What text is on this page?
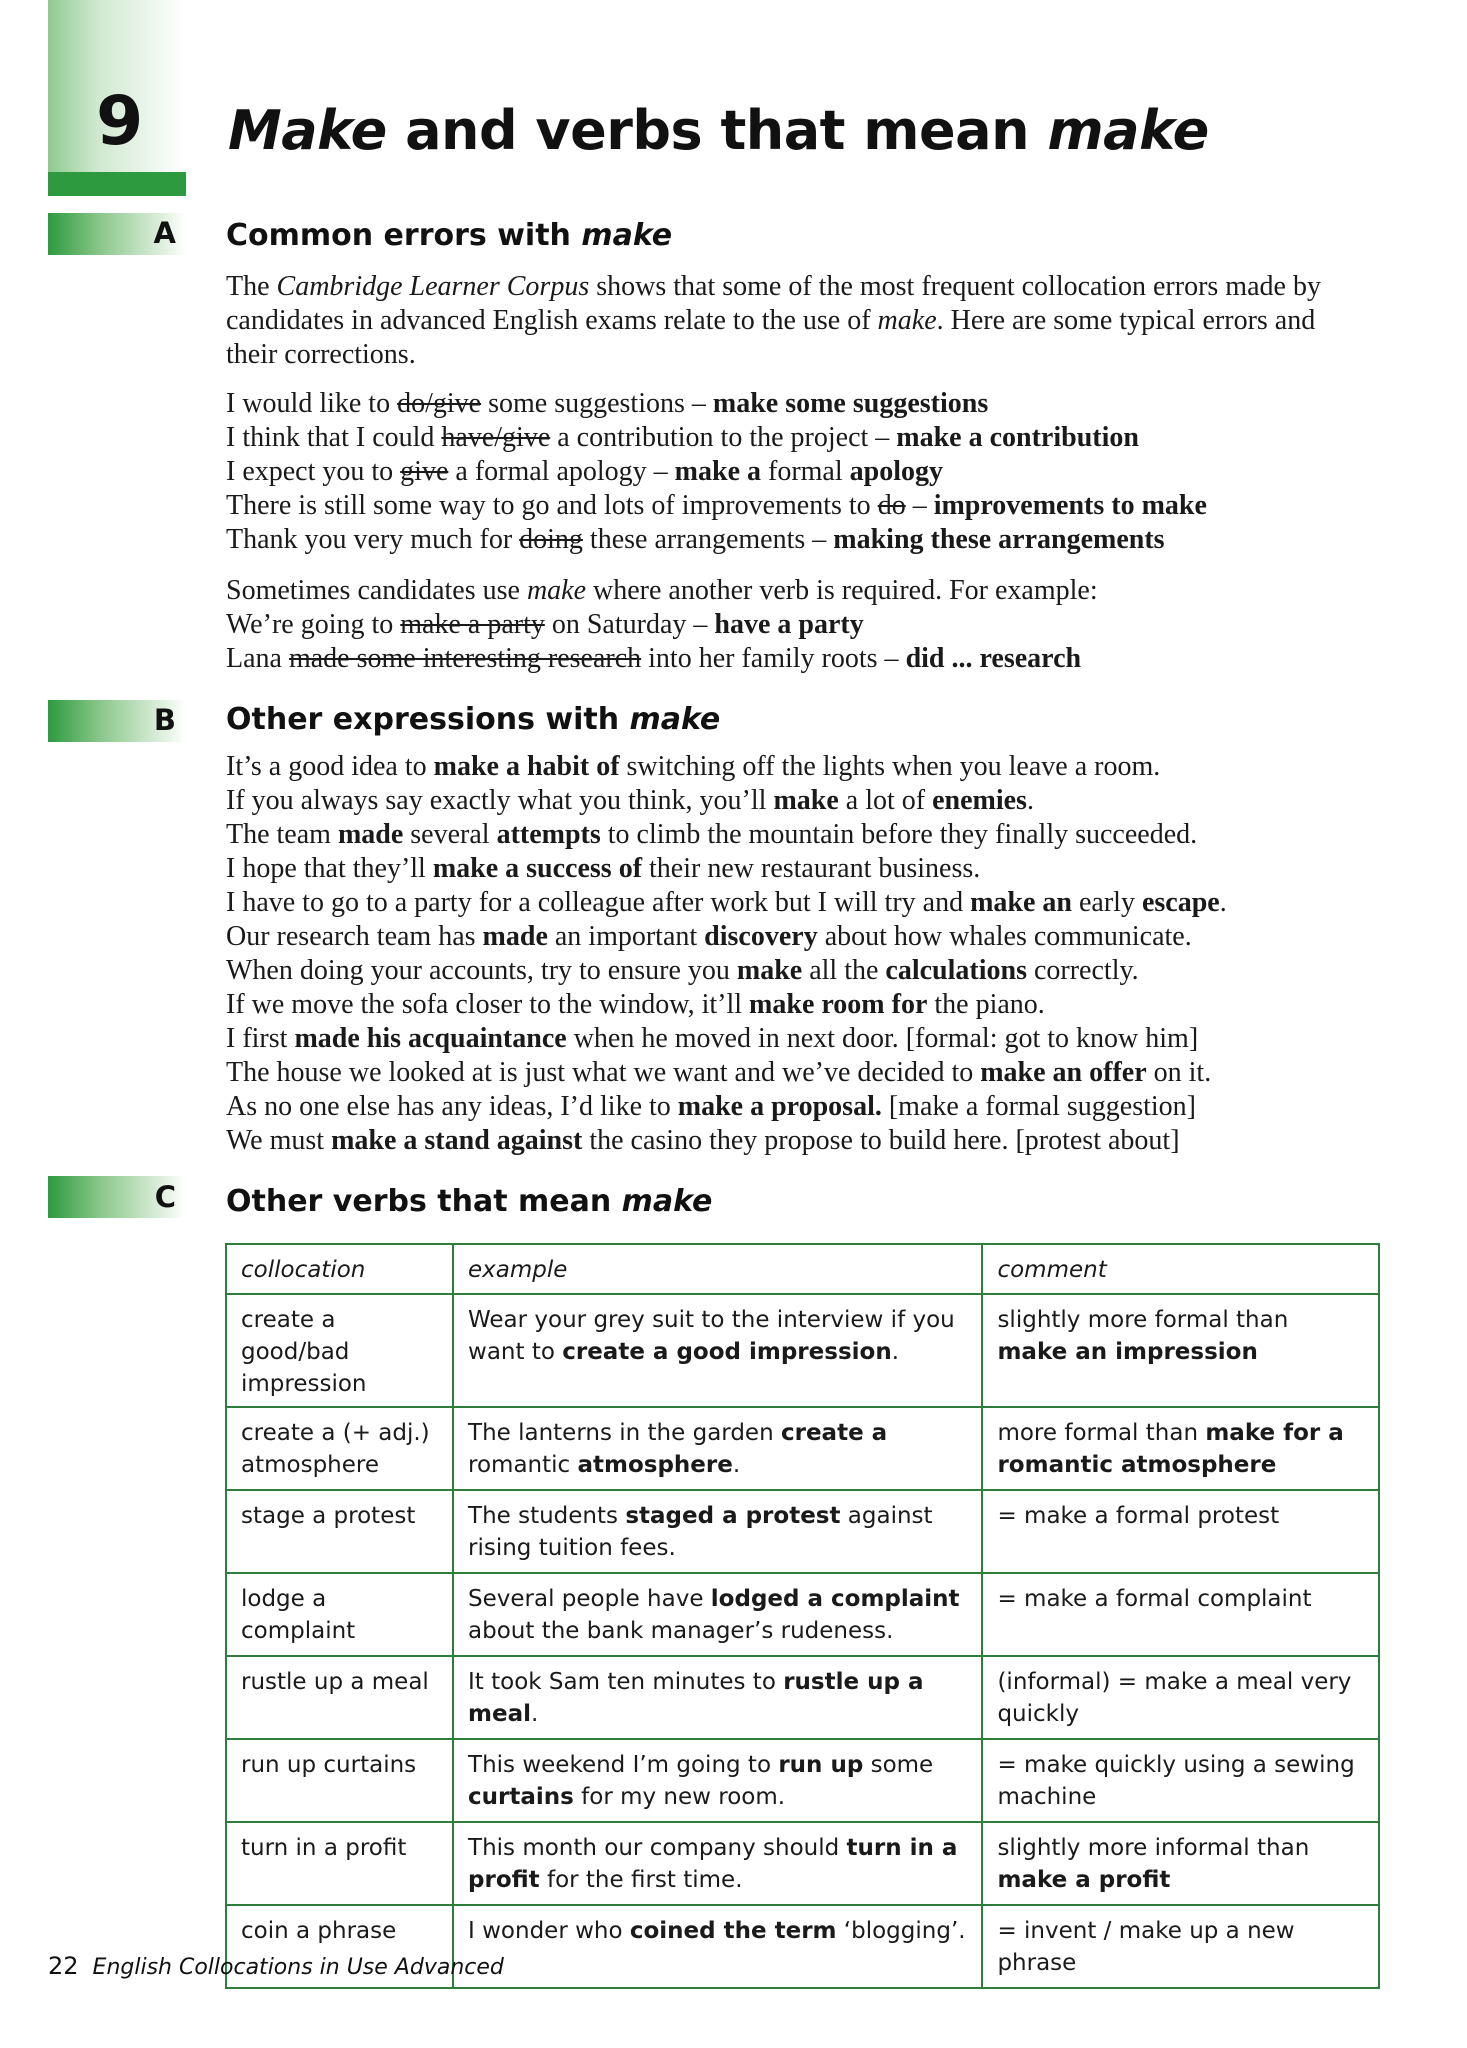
9 Make and verbs that mean make
A Common errors with make

The Cambridge Learner Corpus shows that some of the most frequent collocation errors made by candidates in advanced English exams relate to the use of make. Here are some typical errors and their corrections.

I would like to do/give some suggestions – make some suggestions

I think that I could have/give a contribution to the project – make a contribution

I expect you to give a formal apology – make a formal apology

There is still some way to go and lots of improvements to do – improvements to make

Thank you very much for doing these arrangements – making these arrangements

Sometimes candidates use make where another verb is required. For example:

We’re going to make a party on Saturday – have a party

Lana made some interesting research into her family roots – did ... research

B Other expressions with make

It’s a good idea to make a habit of switching off the lights when you leave a room.

If you always say exactly what you think, you’ll make a lot of enemies.

The team made several attempts to climb the mountain before they finally succeeded.

I hope that they’ll make a success of their new restaurant business.

I have to go to a party for a colleague after work but I will try and make an early escape.

Our research team has made an important discovery about how whales communicate.

When doing your accounts, try to ensure you make all the calculations correctly.

If we move the sofa closer to the window, it’ll make room for the piano.

I first made his acquaintance when he moved in next door. [formal: got to know him]

The house we looked at is just what we want and we’ve decided to make an offer on it.

As no one else has any ideas, I’d like to make a proposal. [make a formal suggestion]

We must make a stand against the casino they propose to build here. [protest about]

C Other verbs that mean make
collocation	example	comment
create a good/bad impression	Wear your grey suit to the interview if you want to create a good impression.	slightly more formal than make an impression
create a (+ adj.) atmosphere	The lanterns in the garden create a romantic atmosphere.	more formal than make for a romantic atmosphere
stage a protest	The students staged a protest against rising tuition fees.	= make a formal protest
lodge a complaint	Several people have lodged a complaint about the bank manager’s rudeness.	= make a formal complaint
rustle up a meal	It took Sam ten minutes to rustle up a meal.	(informal) = make a meal very quickly
run up curtains	This weekend I’m going to run up some curtains for my new room.	= make quickly using a sewing machine
turn in a profit	This month our company should turn in a profit for the first time.	slightly more informal than make a profit
coin a phrase	I wonder who coined the term ‘blogging’.	= invent / make up a new phrase
22 English Collocations in Use Advanced
